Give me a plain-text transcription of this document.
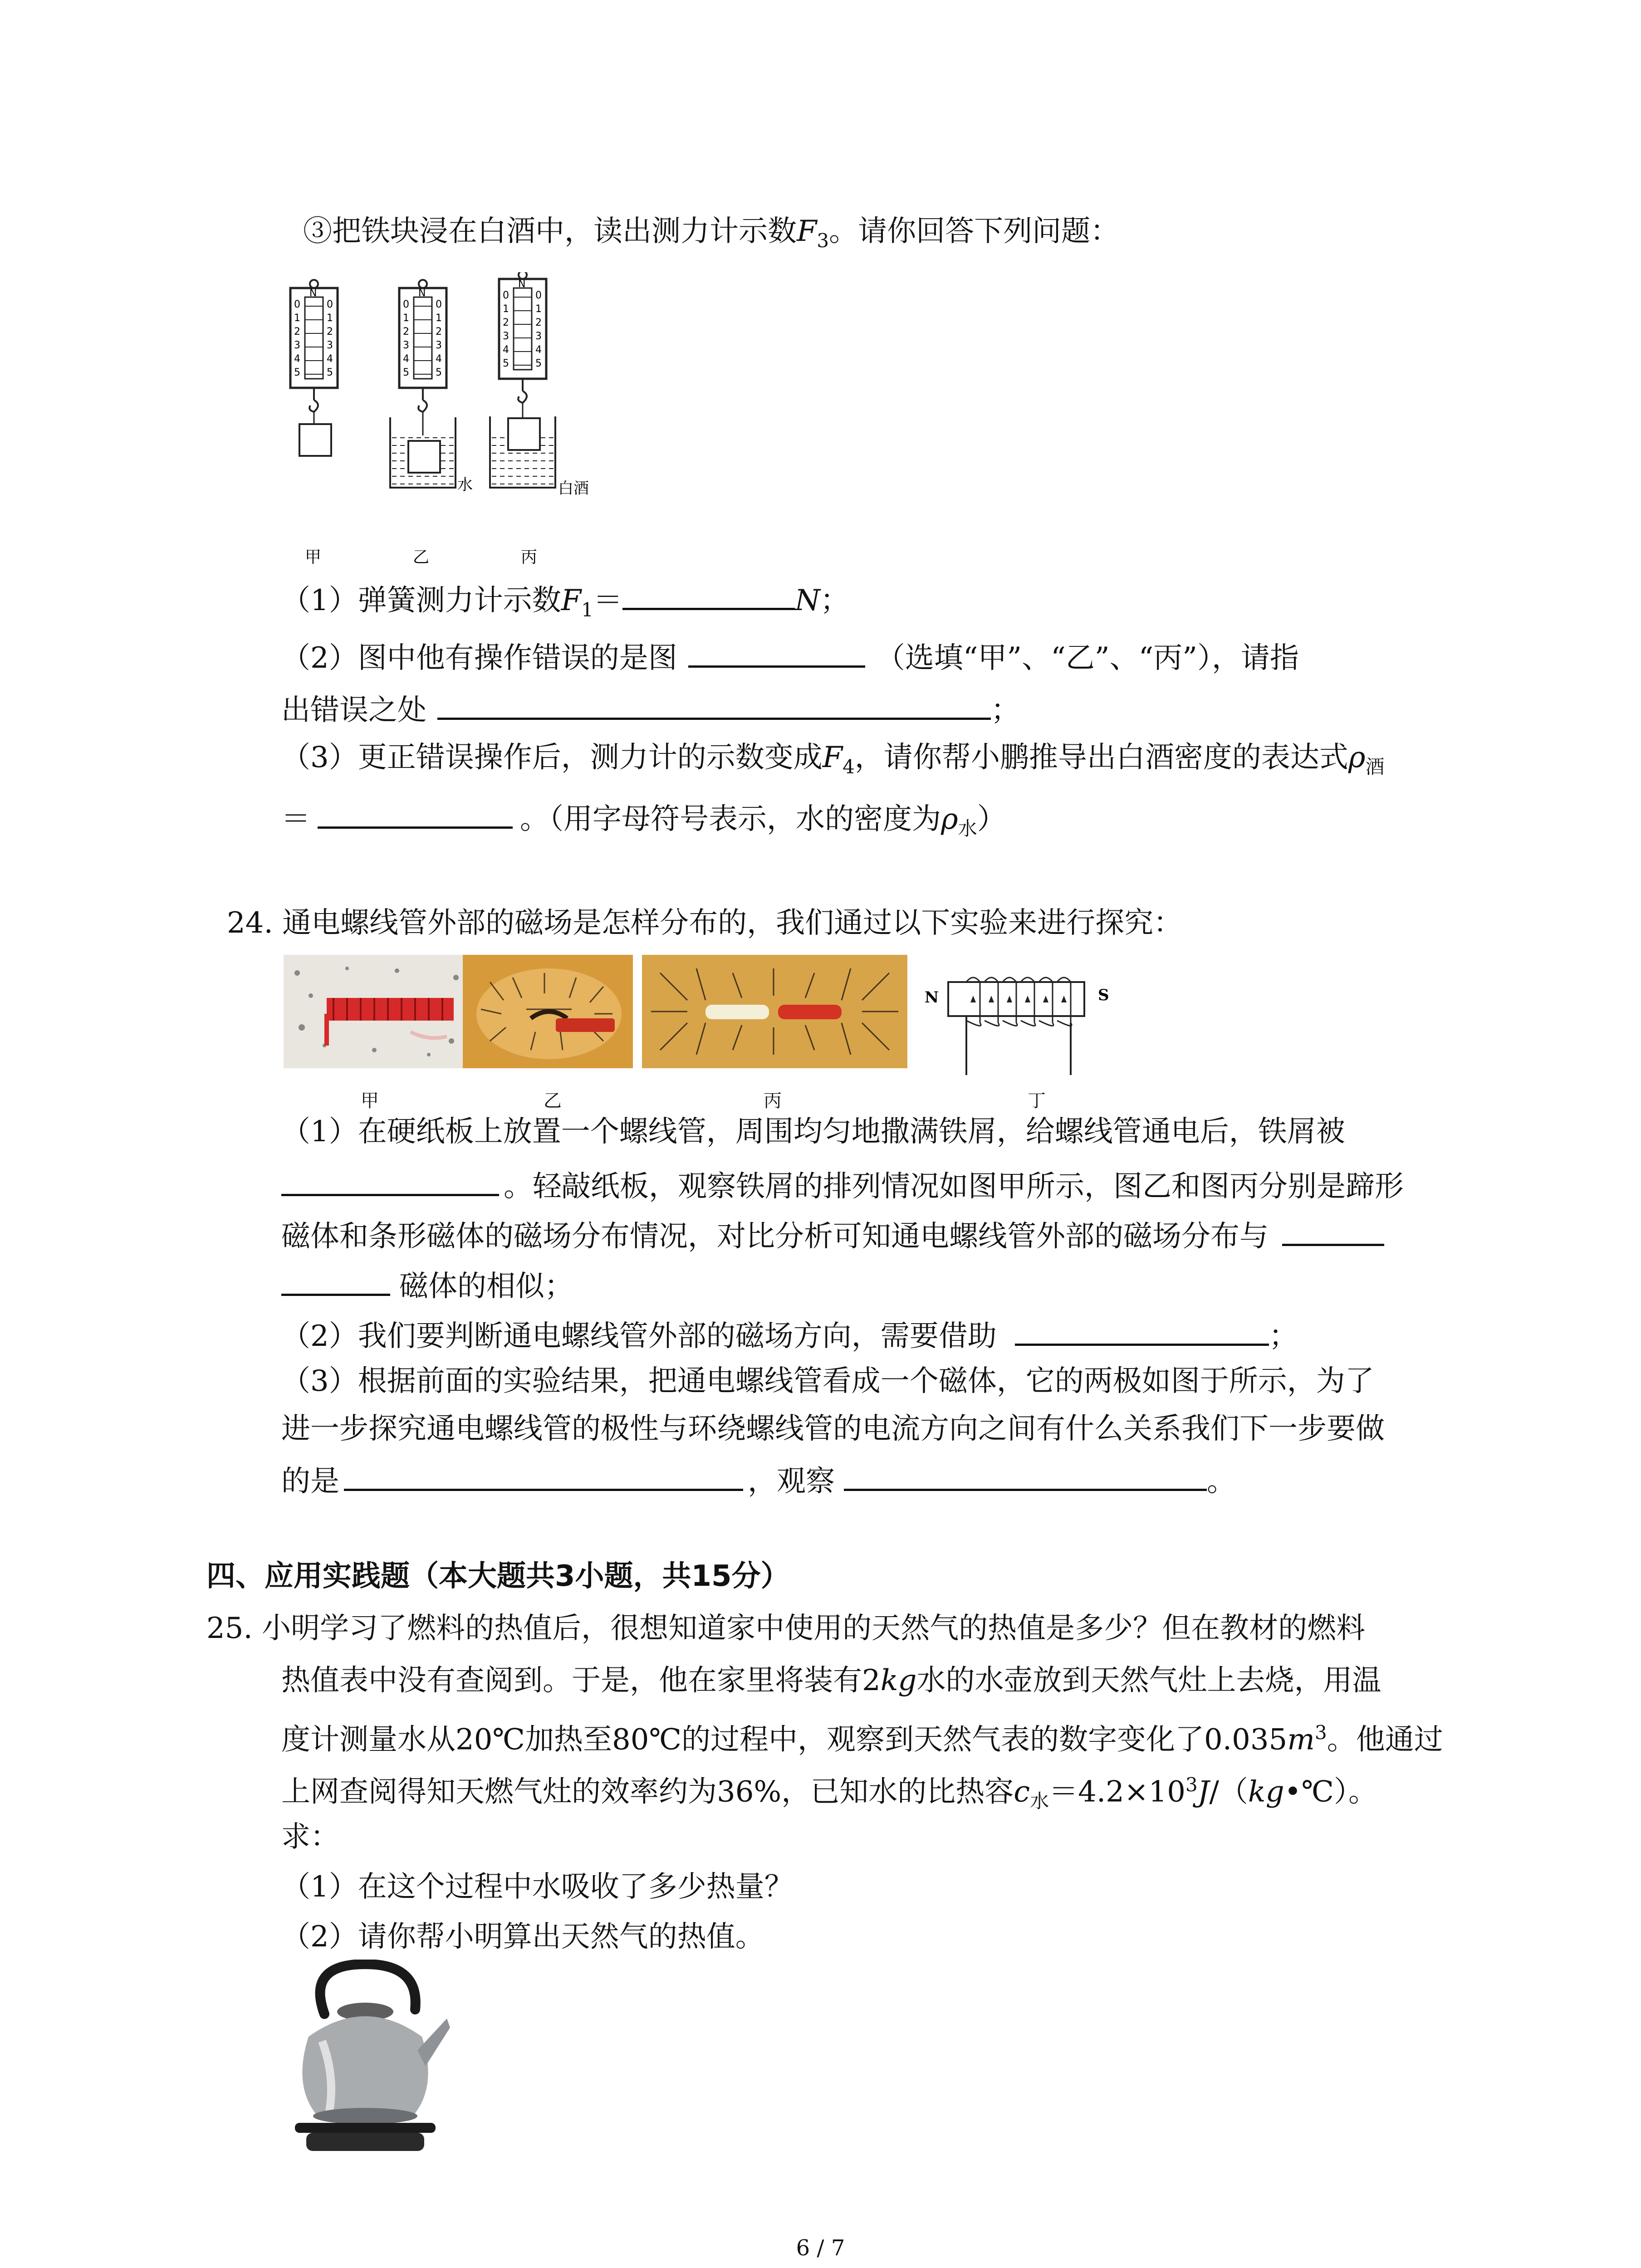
③把铁块浸在白酒中，读出测力计示数$F_3$。请你回答下列问题：
N
0	0
1	1
2	2
3	3
4	4
5	5
N
0	0
1	1
2	2
3	3
4	4
5	5
N
0	0
1	1
2	2
3	3
4	4
5	5
水	白酒
甲	乙	丙
（1）弹簧测力计示数$F_1=$	N；
（2）图中他有操作错误的是图	（选填“甲”、“乙”、“丙”），请指
出错误之处	；
（3）更正错误操作后，测力计的示数变成$F_4$，请你帮小鹏推导出白酒密度的表达式$\rho_酒$
＝	。（用字母符号表示，水的密度为$\rho_水$）
24. 通电螺线管外部的磁场是怎样分布的，我们通过以下实验来进行探究：
N	S
甲	乙	丙	丁
（1）在硬纸板上放置一个螺线管，周围均匀地撒满铁屑，给螺线管通电后，铁屑被
。轻敲纸板，观察铁屑的排列情况如图甲所示，图乙和图丙分别是蹄形
磁体和条形磁体的磁场分布情况，对比分析可知通电螺线管外部的磁场分布与
磁体的相似；
（2）我们要判断通电螺线管外部的磁场方向，需要借助	；
（3）根据前面的实验结果，把通电螺线管看成一个磁体，它的两极如图于所示，为了
进一步探究通电螺线管的极性与环绕螺线管的电流方向之间有什么关系我们下一步要做
的是	，观察	。
四、应用实践题（本大题共3小题，共15分）
25. 小明学习了燃料的热值后，很想知道家中使用的天然气的热值是多少？但在教材的燃料
热值表中没有查阅到。于是，他在家里将装有2kg水的水壶放到天然气灶上去烧，用温
度计测量水从20℃加热至80℃的过程中，观察到天然气表的数字变化了$0.035m^3$。他通过
上网查阅得知天燃气灶的效率约为36%，已知水的比热容$c_水=4.2\times 10^3J/(kg•℃)$。
求：
（1）在这个过程中水吸收了多少热量？
（2）请你帮小明算出天然气的热值。
6 / 7
